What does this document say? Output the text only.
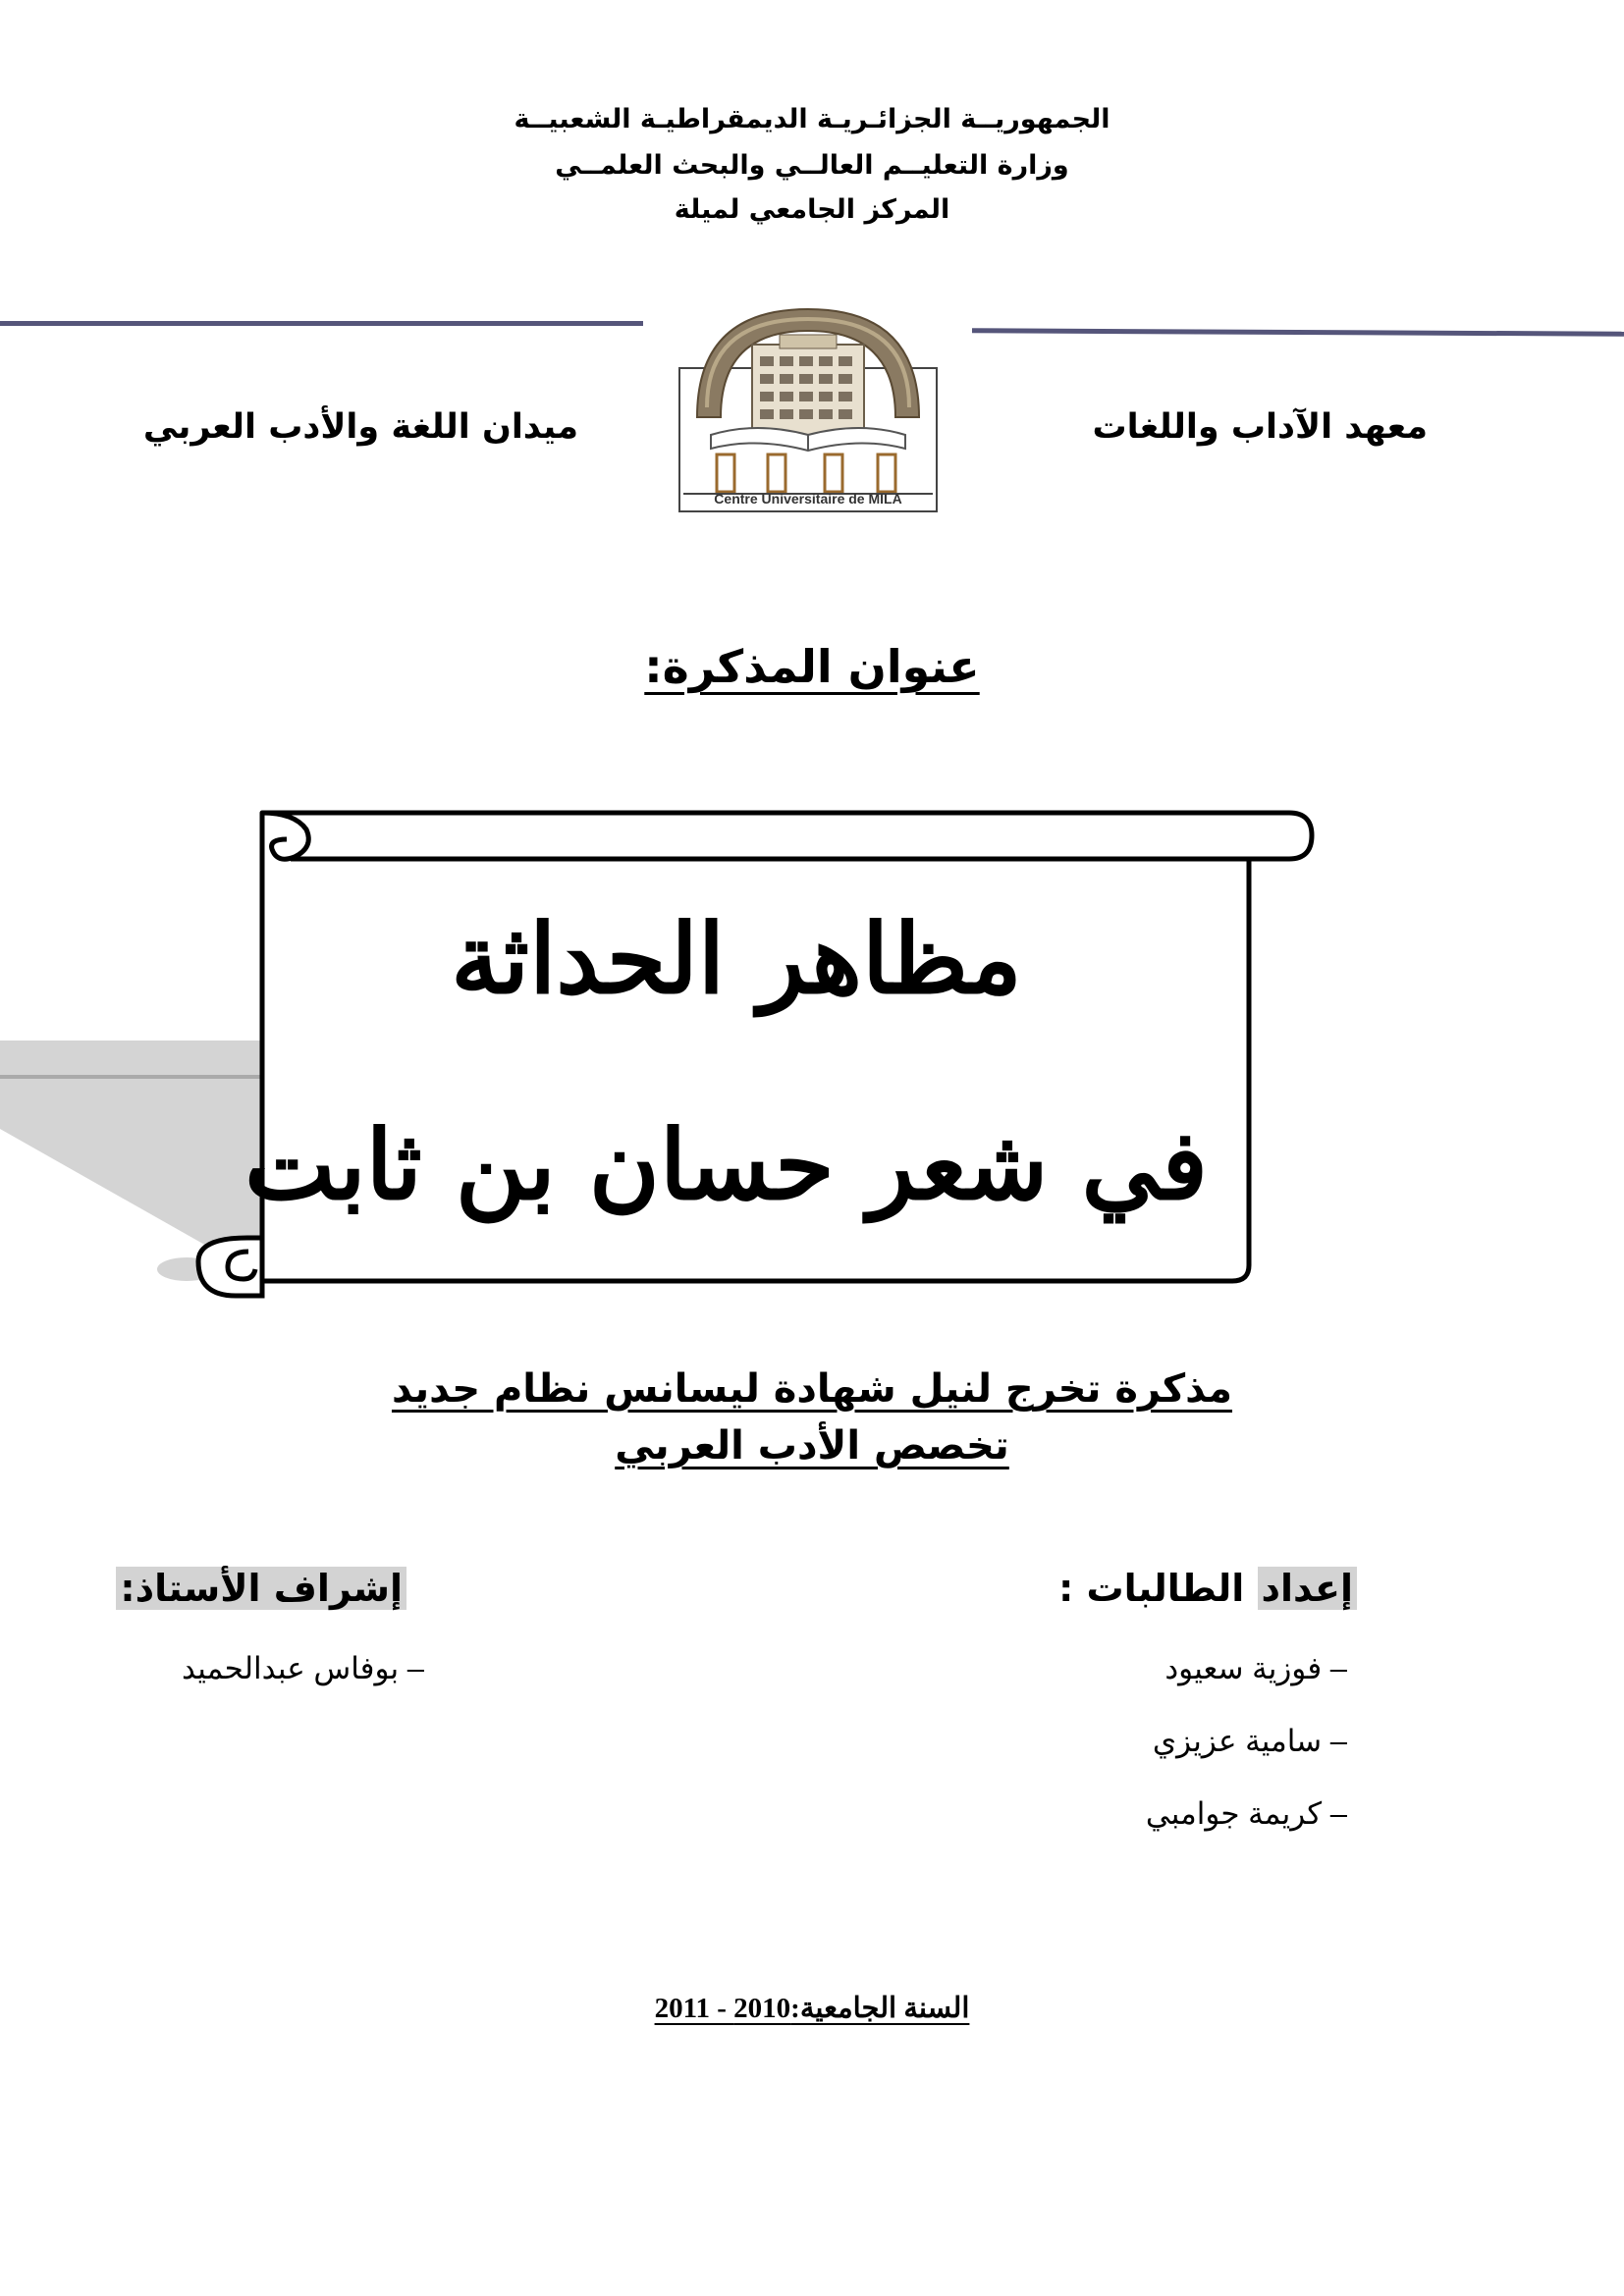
الجمهوريــة الجزائـريـة الديمقراطيـة الشعبيــة
وزارة التعليــم العالــي والبحث العلمــي
المركز الجامعي لميلة
Centre Universitaire de MILA
معهد الآداب واللغات
ميدان اللغة والأدب العربي
عنوان المذكرة:
مظاهر الحداثة
في شعر حسان بن ثابت
مذكرة تخرج لنيل شهادة ليسانس نظام جديد
تخصص الأدب العربي
إعداد الطالبات :
– فوزية سعيود
– سامية عزيزي
– كريمة جوامبي
إشراف الأستاذ:
– بوفاس عبدالحميد
السنة الجامعية:2010 - 2011
